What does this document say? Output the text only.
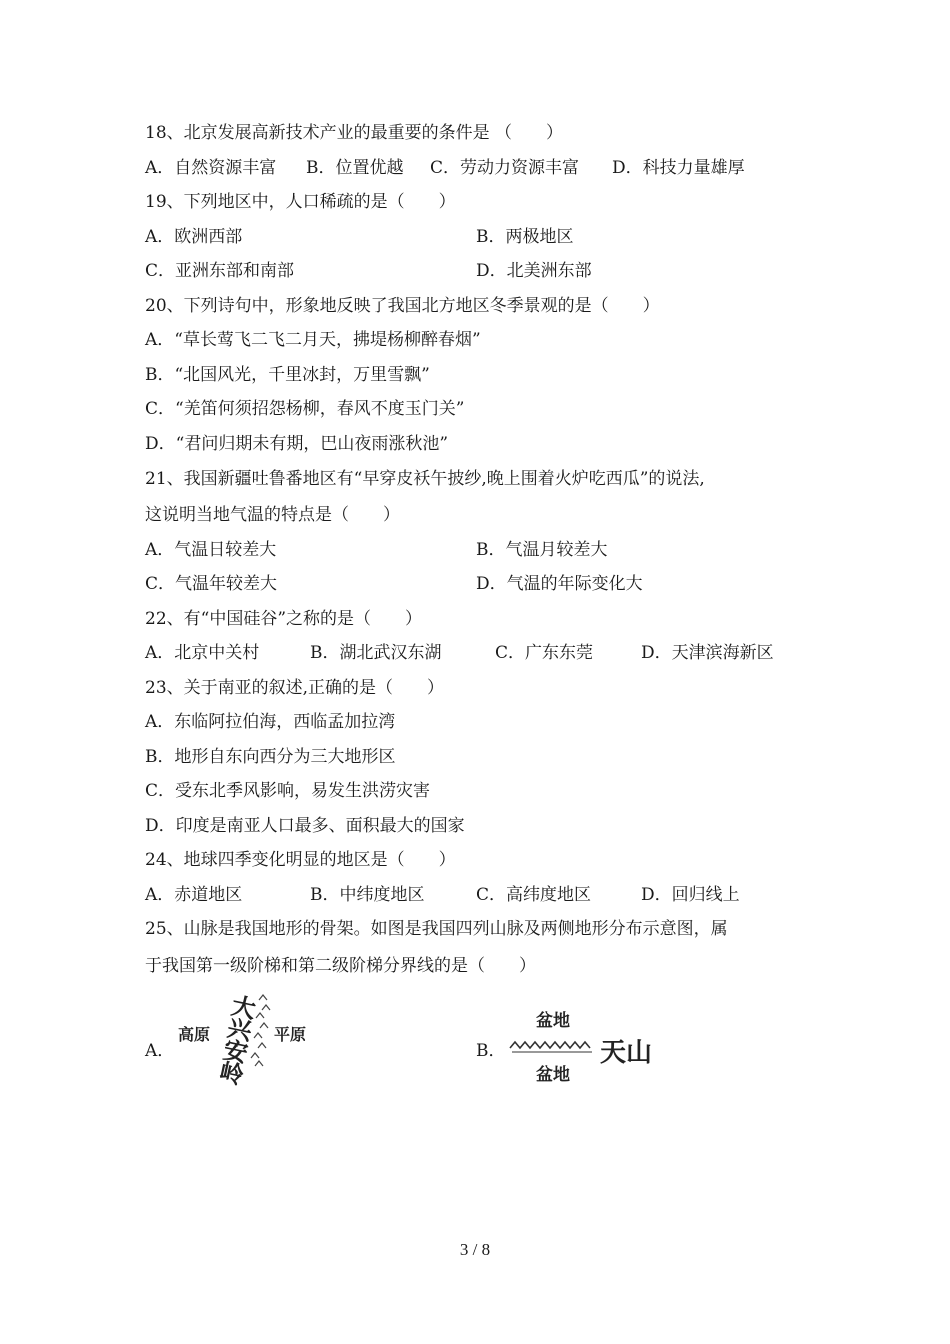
18、北京发展高新技术产业的最重要的条件是 （　　）
A．自然资源丰富 B．位置优越 C．劳动力资源丰富 D．科技力量雄厚
19、下列地区中，人口稀疏的是（　　）
A．欧洲西部	B．两极地区
C．亚洲东部和南部	D．北美洲东部
20、下列诗句中，形象地反映了我国北方地区冬季景观的是（　　）
A．“草长莺飞二飞二月天，拂堤杨柳醉春烟”
B．“北国风光，千里冰封，万里雪飘”
C．“羌笛何须招怨杨柳，春风不度玉门关”
D．“君问归期未有期，巴山夜雨涨秋池”
21、我国新疆吐鲁番地区有“早穿皮袄午披纱,晚上围着火炉吃西瓜”的说法,
这说明当地气温的特点是（　　）
A．气温日较差大	B．气温月较差大
C．气温年较差大	D．气温的年际变化大
22、有“中国硅谷”之称的是（　　）
A．北京中关村	B．湖北武汉东湖	C．广东东莞	D．天津滨海新区
23、关于南亚的叙述,正确的是（　　）
A．东临阿拉伯海，西临孟加拉湾
B．地形自东向西分为三大地形区
C．受东北季风影响，易发生洪涝灾害
D．印度是南亚人口最多、面积最大的国家
24、地球四季变化明显的地区是（　　）
A．赤道地区	B．中纬度地区	C．高纬度地区	D．回归线上
25、山脉是我国地形的骨架。如图是我国四列山脉及两侧地形分布示意图，属
于我国第一级阶梯和第二级阶梯分界线的是（　　）
A．
高原	平原
大
兴
安
岭
B．
盆地
盆地
天山
3 / 8
